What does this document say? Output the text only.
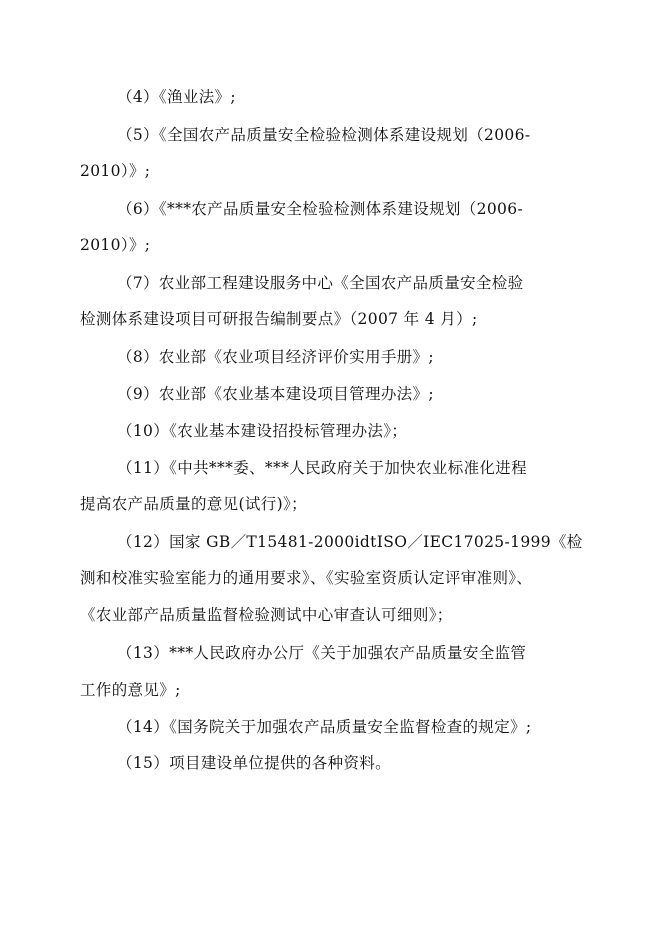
（4）《渔业法》;
（5）《全国农产品质量安全检验检测体系建设规划（2006-
2010）》;
（6）《***农产品质量安全检验检测体系建设规划（2006-
2010）》;
（7）农业部工程建设服务中心《全国农产品质量安全检验
检测体系建设项目可研报告编制要点》（2007 年 4 月）;
（8）农业部《农业项目经济评价实用手册》;
（9）农业部《农业基本建设项目管理办法》;
（10）《农业基本建设招投标管理办法》；
（11）《中共***委、***人民政府关于加快农业标准化进程
提高农产品质量的意见(试行)》；
（12）国家 GB／T15481-2000idtISO／IEC17025-1999《检
测和校准实验室能力的通用要求》、《实验室资质认定评审准则》、
《农业部产品质量监督检验测试中心审查认可细则》；
（13）***人民政府办公厅《关于加强农产品质量安全监管
工作的意见》;
（14）《国务院关于加强农产品质量安全监督检查的规定》;
（15）项目建设单位提供的各种资料。
